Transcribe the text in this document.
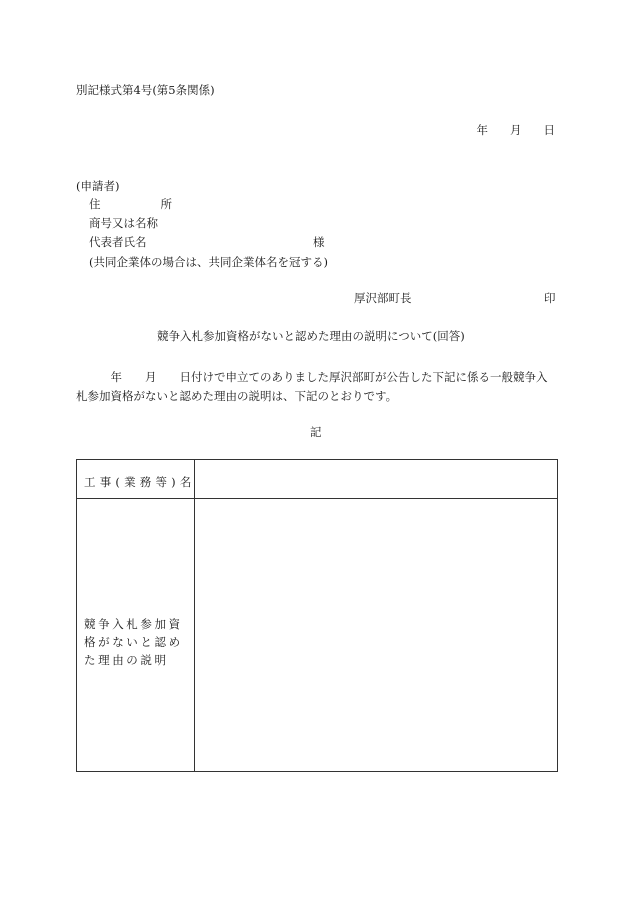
別記様式第4号(第5条関係)
年 月 日
(申請者)
住	所
商号又は名称
代表者氏名	様
(共同企業体の場合は、共同企業体名を冠する)
厚沢部町長	印
競争入札参加資格がないと認めた理由の説明について(回答)
　　　年　　月　　日付けで申立てのありました厚沢部町が公告した下記に係る一般競争入札参加資格がないと認めた理由の説明は、下記のとおりです。
記
工事(業務等)名
競争入札参加資格がないと認めた理由の説明
